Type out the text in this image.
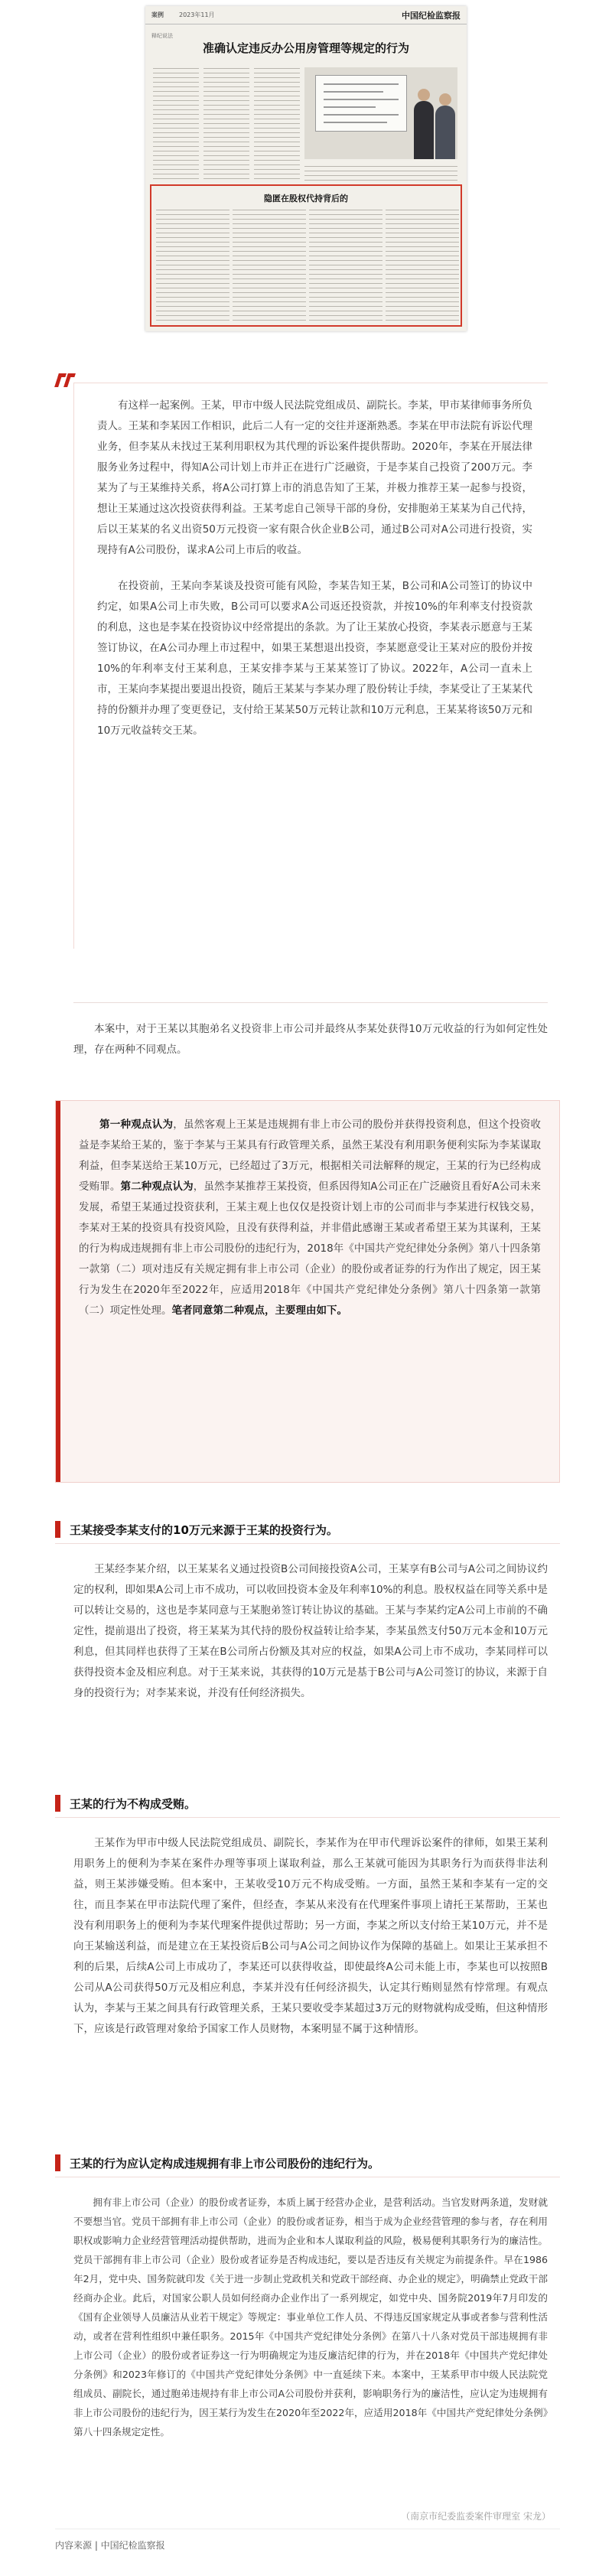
案例	2023年11月	中国纪检监察报
释纪说法
准确认定违反办公用房管理等规定的行为
隐匿在股权代持背后的

有这样一起案例。王某，甲市中级人民法院党组成员、副院长。李某，甲市某律师事务所负责人。王某和李某因工作相识，此后二人有一定的交往并逐渐熟悉。李某在甲市法院有诉讼代理业务，但李某从未找过王某利用职权为其代理的诉讼案件提供帮助。2020年，李某在开展法律服务业务过程中，得知A公司计划上市并正在进行广泛融资，于是李某自己投资了200万元。李某为了与王某维持关系，将A公司打算上市的消息告知了王某，并极力推荐王某一起参与投资，想让王某通过这次投资获得利益。王某考虑自己领导干部的身份，安排胞弟王某某为自己代持，后以王某某的名义出资50万元投资一家有限合伙企业B公司，通过B公司对A公司进行投资，实现持有A公司股份，谋求A公司上市后的收益。

在投资前，王某向李某谈及投资可能有风险，李某告知王某，B公司和A公司签订的协议中约定，如果A公司上市失败，B公司可以要求A公司返还投资款，并按10%的年利率支付投资款的利息，这也是李某在投资协议中经常提出的条款。为了让王某放心投资，李某表示愿意与王某签订协议，在A公司办理上市过程中，如果王某想退出投资，李某愿意受让王某对应的股份并按10%的年利率支付王某利息，王某安排李某与王某某签订了协议。2022年，A公司一直未上市，王某向李某提出要退出投资，随后王某某与李某办理了股份转让手续，李某受让了王某某代持的份额并办理了变更登记，支付给王某某50万元转让款和10万元利息，王某某将该50万元和10万元收益转交王某。

本案中，对于王某以其胞弟名义投资非上市公司并最终从李某处获得10万元收益的行为如何定性处理，存在两种不同观点。

第一种观点认为，虽然客观上王某是违规拥有非上市公司的股份并获得投资利息，但这个投资收益是李某给王某的，鉴于李某与王某具有行政管理关系，虽然王某没有利用职务便利实际为李某谋取利益，但李某送给王某10万元，已经超过了3万元，根据相关司法解释的规定，王某的行为已经构成受贿罪。第二种观点认为，虽然李某推荐王某投资，但系因得知A公司正在广泛融资且看好A公司未来发展，希望王某通过投资获利，王某主观上也仅仅是投资计划上市的公司而非与李某进行权钱交易，李某对王某的投资具有投资风险，且没有获得利益，并非借此感谢王某或者希望王某为其谋利，王某的行为构成违规拥有非上市公司股份的违纪行为，2018年《中国共产党纪律处分条例》第八十四条第一款第（二）项对违反有关规定拥有非上市公司（企业）的股份或者证券的行为作出了规定，因王某行为发生在2020年至2022年，应适用2018年《中国共产党纪律处分条例》第八十四条第一款第（二）项定性处理。笔者同意第二种观点，主要理由如下。

王某接受李某支付的10万元来源于王某的投资行为。

王某经李某介绍，以王某某名义通过投资B公司间接投资A公司，王某享有B公司与A公司之间协议约定的权利，即如果A公司上市不成功，可以收回投资本金及年利率10%的利息。股权权益在同等关系中是可以转让交易的，这也是李某同意与王某胞弟签订转让协议的基础。王某与李某约定A公司上市前的不确定性，提前退出了投资，将王某某为其代持的股份权益转让给李某，李某虽然支付50万元本金和10万元利息，但其同样也获得了王某在B公司所占份额及其对应的权益，如果A公司上市不成功，李某同样可以获得投资本金及相应利息。对于王某来说，其获得的10万元是基于B公司与A公司签订的协议，来源于自身的投资行为；对李某来说，并没有任何经济损失。

王某的行为不构成受贿。

王某作为甲市中级人民法院党组成员、副院长，李某作为在甲市代理诉讼案件的律师，如果王某利用职务上的便利为李某在案件办理等事项上谋取利益，那么王某就可能因为其职务行为而获得非法利益，则王某涉嫌受贿。但本案中，王某收受10万元不构成受贿。一方面，虽然王某和李某有一定的交往，而且李某在甲市法院代理了案件，但经查，李某从来没有在代理案件事项上请托王某帮助，王某也没有利用职务上的便利为李某代理案件提供过帮助；另一方面，李某之所以支付给王某10万元，并不是向王某输送利益，而是建立在王某投资后B公司与A公司之间协议作为保障的基础上。如果让王某承担不利的后果，后续A公司上市成功了，李某还可以获得收益，即使最终A公司未能上市，李某也可以按照B公司从A公司获得50万元及相应利息，李某并没有任何经济损失，认定其行贿则显然有悖常理。有观点认为，李某与王某之间具有行政管理关系，王某只要收受李某超过3万元的财物就构成受贿，但这种情形下，应该是行政管理对象给予国家工作人员财物，本案明显不属于这种情形。

王某的行为应认定构成违规拥有非上市公司股份的违纪行为。

拥有非上市公司（企业）的股份或者证券，本质上属于经营办企业，是营利活动。当官发财两条道，发财就不要想当官。党员干部拥有非上市公司（企业）的股份或者证券，相当于成为企业经营管理的参与者，存在利用职权或影响力企业经营管理活动提供帮助，进而为企业和本人谋取利益的风险，极易便利其职务行为的廉洁性。党员干部拥有非上市公司（企业）股份或者证券是否构成违纪，要以是否违反有关规定为前提条件。早在1986年2月，党中央、国务院就印发《关于进一步制止党政机关和党政干部经商、办企业的规定》，明确禁止党政干部经商办企业。此后，对国家公职人员如何经商办企业作出了一系列规定，如党中央、国务院2019年7月印发的《国有企业领导人员廉洁从业若干规定》等规定：事业单位工作人员、不得违反国家规定从事或者参与营利性活动，或者在营利性组织中兼任职务。2015年《中国共产党纪律处分条例》在第八十八条对党员干部违规拥有非上市公司（企业）的股份或者证券这一行为明确规定为违反廉洁纪律的行为，并在2018年《中国共产党纪律处分条例》和2023年修订的《中国共产党纪律处分条例》中一直延续下来。本案中，王某系甲市中级人民法院党组成员、副院长，通过胞弟违规持有非上市公司A公司股份并获利，影响职务行为的廉洁性，应认定为违规拥有非上市公司股份的违纪行为，因王某行为发生在2020年至2022年，应适用2018年《中国共产党纪律处分条例》第八十四条规定定性。

（南京市纪委监委案件审理室 宋龙）
内容来源 | 中国纪检监察报
